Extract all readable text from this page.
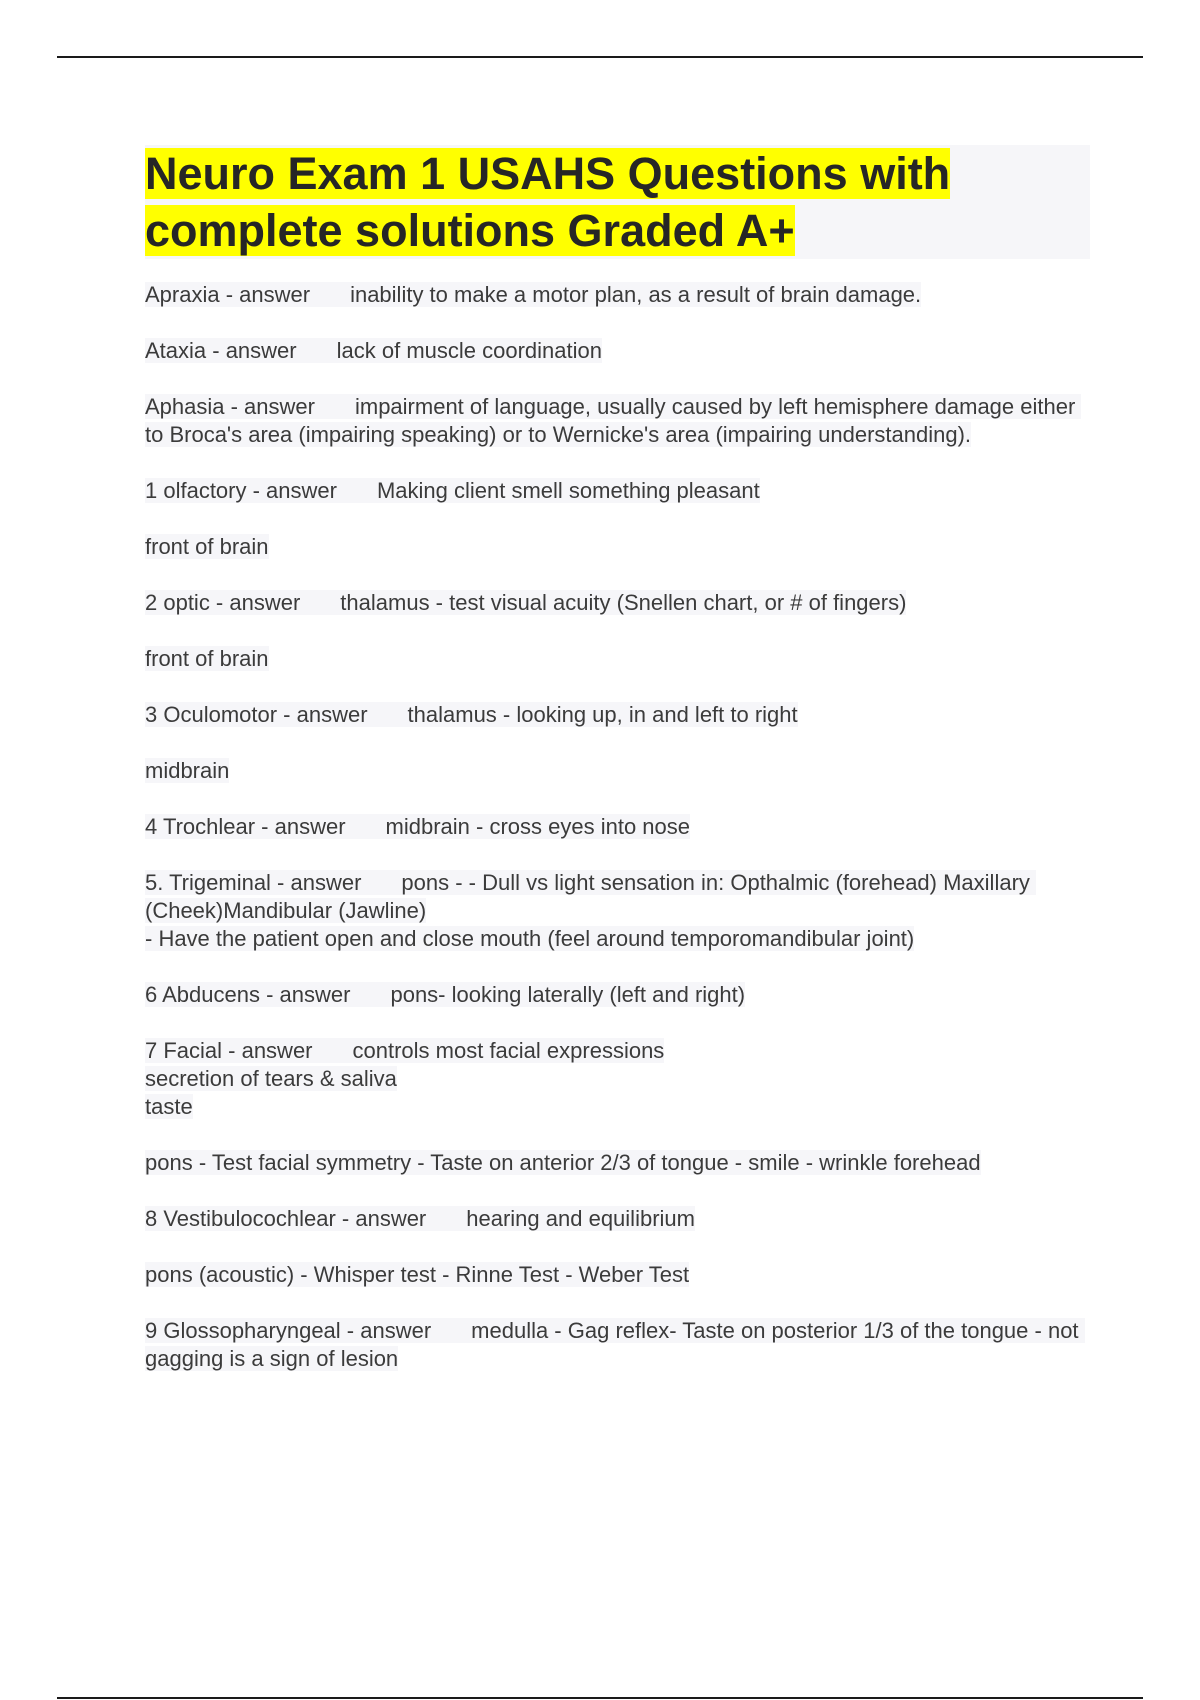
Neuro Exam 1 USAHS Questions with
complete solutions Graded A+
Apraxia - answer inability to make a motor plan, as a result of brain damage.
Ataxia - answer lack of muscle coordination
Aphasia - answer impairment of language, usually caused by left hemisphere damage either to Broca's area (impairing speaking) or to Wernicke's area (impairing understanding).
1 olfactory - answer Making client smell something pleasant
front of brain
2 optic - answer thalamus - test visual acuity (Snellen chart, or # of fingers)
front of brain
3 Oculomotor - answer thalamus - looking up, in and left to right
midbrain
4 Trochlear - answer midbrain - cross eyes into nose
5. Trigeminal - answer pons - - Dull vs light sensation in: Opthalmic (forehead) Maxillary (Cheek)Mandibular (Jawline)
- Have the patient open and close mouth (feel around temporomandibular joint)
6 Abducens - answer pons- looking laterally (left and right)
7 Facial - answer controls most facial expressions
secretion of tears & saliva
taste
pons - Test facial symmetry - Taste on anterior 2/3 of tongue - smile - wrinkle forehead
8 Vestibulocochlear - answer hearing and equilibrium
pons (acoustic) - Whisper test - Rinne Test - Weber Test
9 Glossopharyngeal - answer medulla - Gag reflex- Taste on posterior 1/3 of the tongue - not gagging is a sign of lesion
